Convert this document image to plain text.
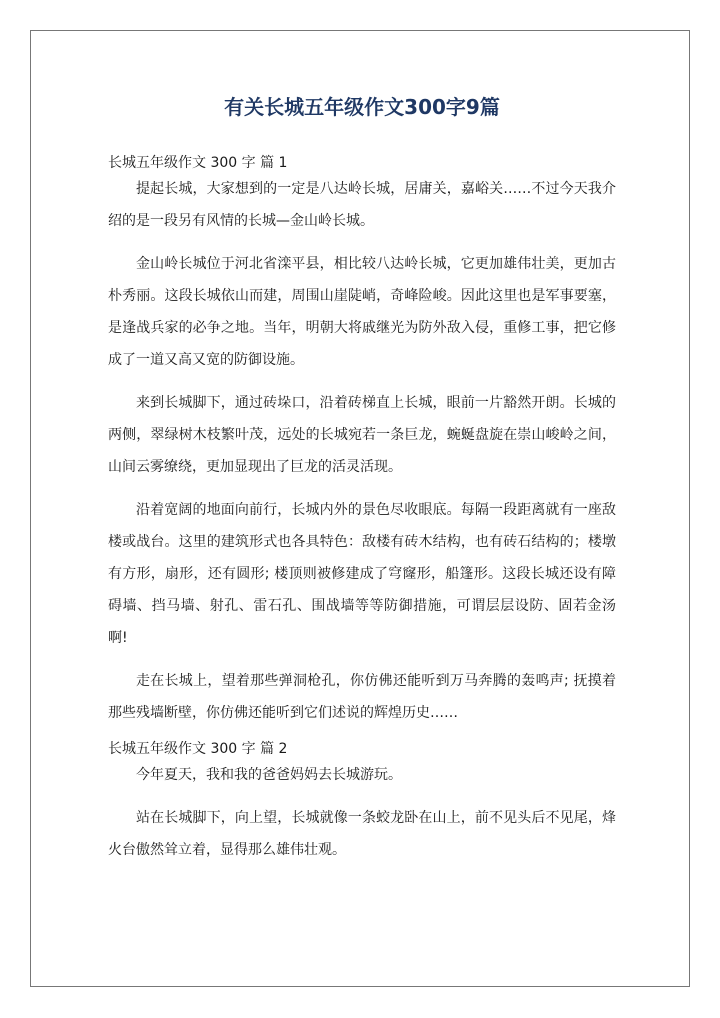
有关长城五年级作文300字9篇

长城五年级作文 300 字 篇 1

提起长城，大家想到的一定是八达岭长城，居庸关，嘉峪关……不过今天我介绍的是一段另有风情的长城—金山岭长城。

金山岭长城位于河北省滦平县，相比较八达岭长城，它更加雄伟壮美，更加古朴秀丽。这段长城依山而建，周围山崖陡峭，奇峰险峻。因此这里也是军事要塞，是逢战兵家的必争之地。当年，明朝大将戚继光为防外敌入侵，重修工事，把它修成了一道又高又宽的防御设施。

来到长城脚下，通过砖垛口，沿着砖梯直上长城，眼前一片豁然开朗。长城的两侧，翠绿树木枝繁叶茂，远处的长城宛若一条巨龙，蜿蜒盘旋在崇山峻岭之间，山间云雾缭绕，更加显现出了巨龙的活灵活现。

沿着宽阔的地面向前行，长城内外的景色尽收眼底。每隔一段距离就有一座敌楼或战台。这里的建筑形式也各具特色：敌楼有砖木结构，也有砖石结构的；楼墩有方形，扇形，还有圆形; 楼顶则被修建成了穹窿形，船篷形。这段长城还设有障碍墙、挡马墙、射孔、雷石孔、围战墙等等防御措施，可谓层层设防、固若金汤啊!

走在长城上，望着那些弹洞枪孔，你仿佛还能听到万马奔腾的轰鸣声; 抚摸着那些残墙断壁，你仿佛还能听到它们述说的辉煌历史……

长城五年级作文 300 字 篇 2

今年夏天，我和我的爸爸妈妈去长城游玩。

站在长城脚下，向上望，长城就像一条蛟龙卧在山上，前不见头后不见尾，烽火台傲然耸立着，显得那么雄伟壮观。
